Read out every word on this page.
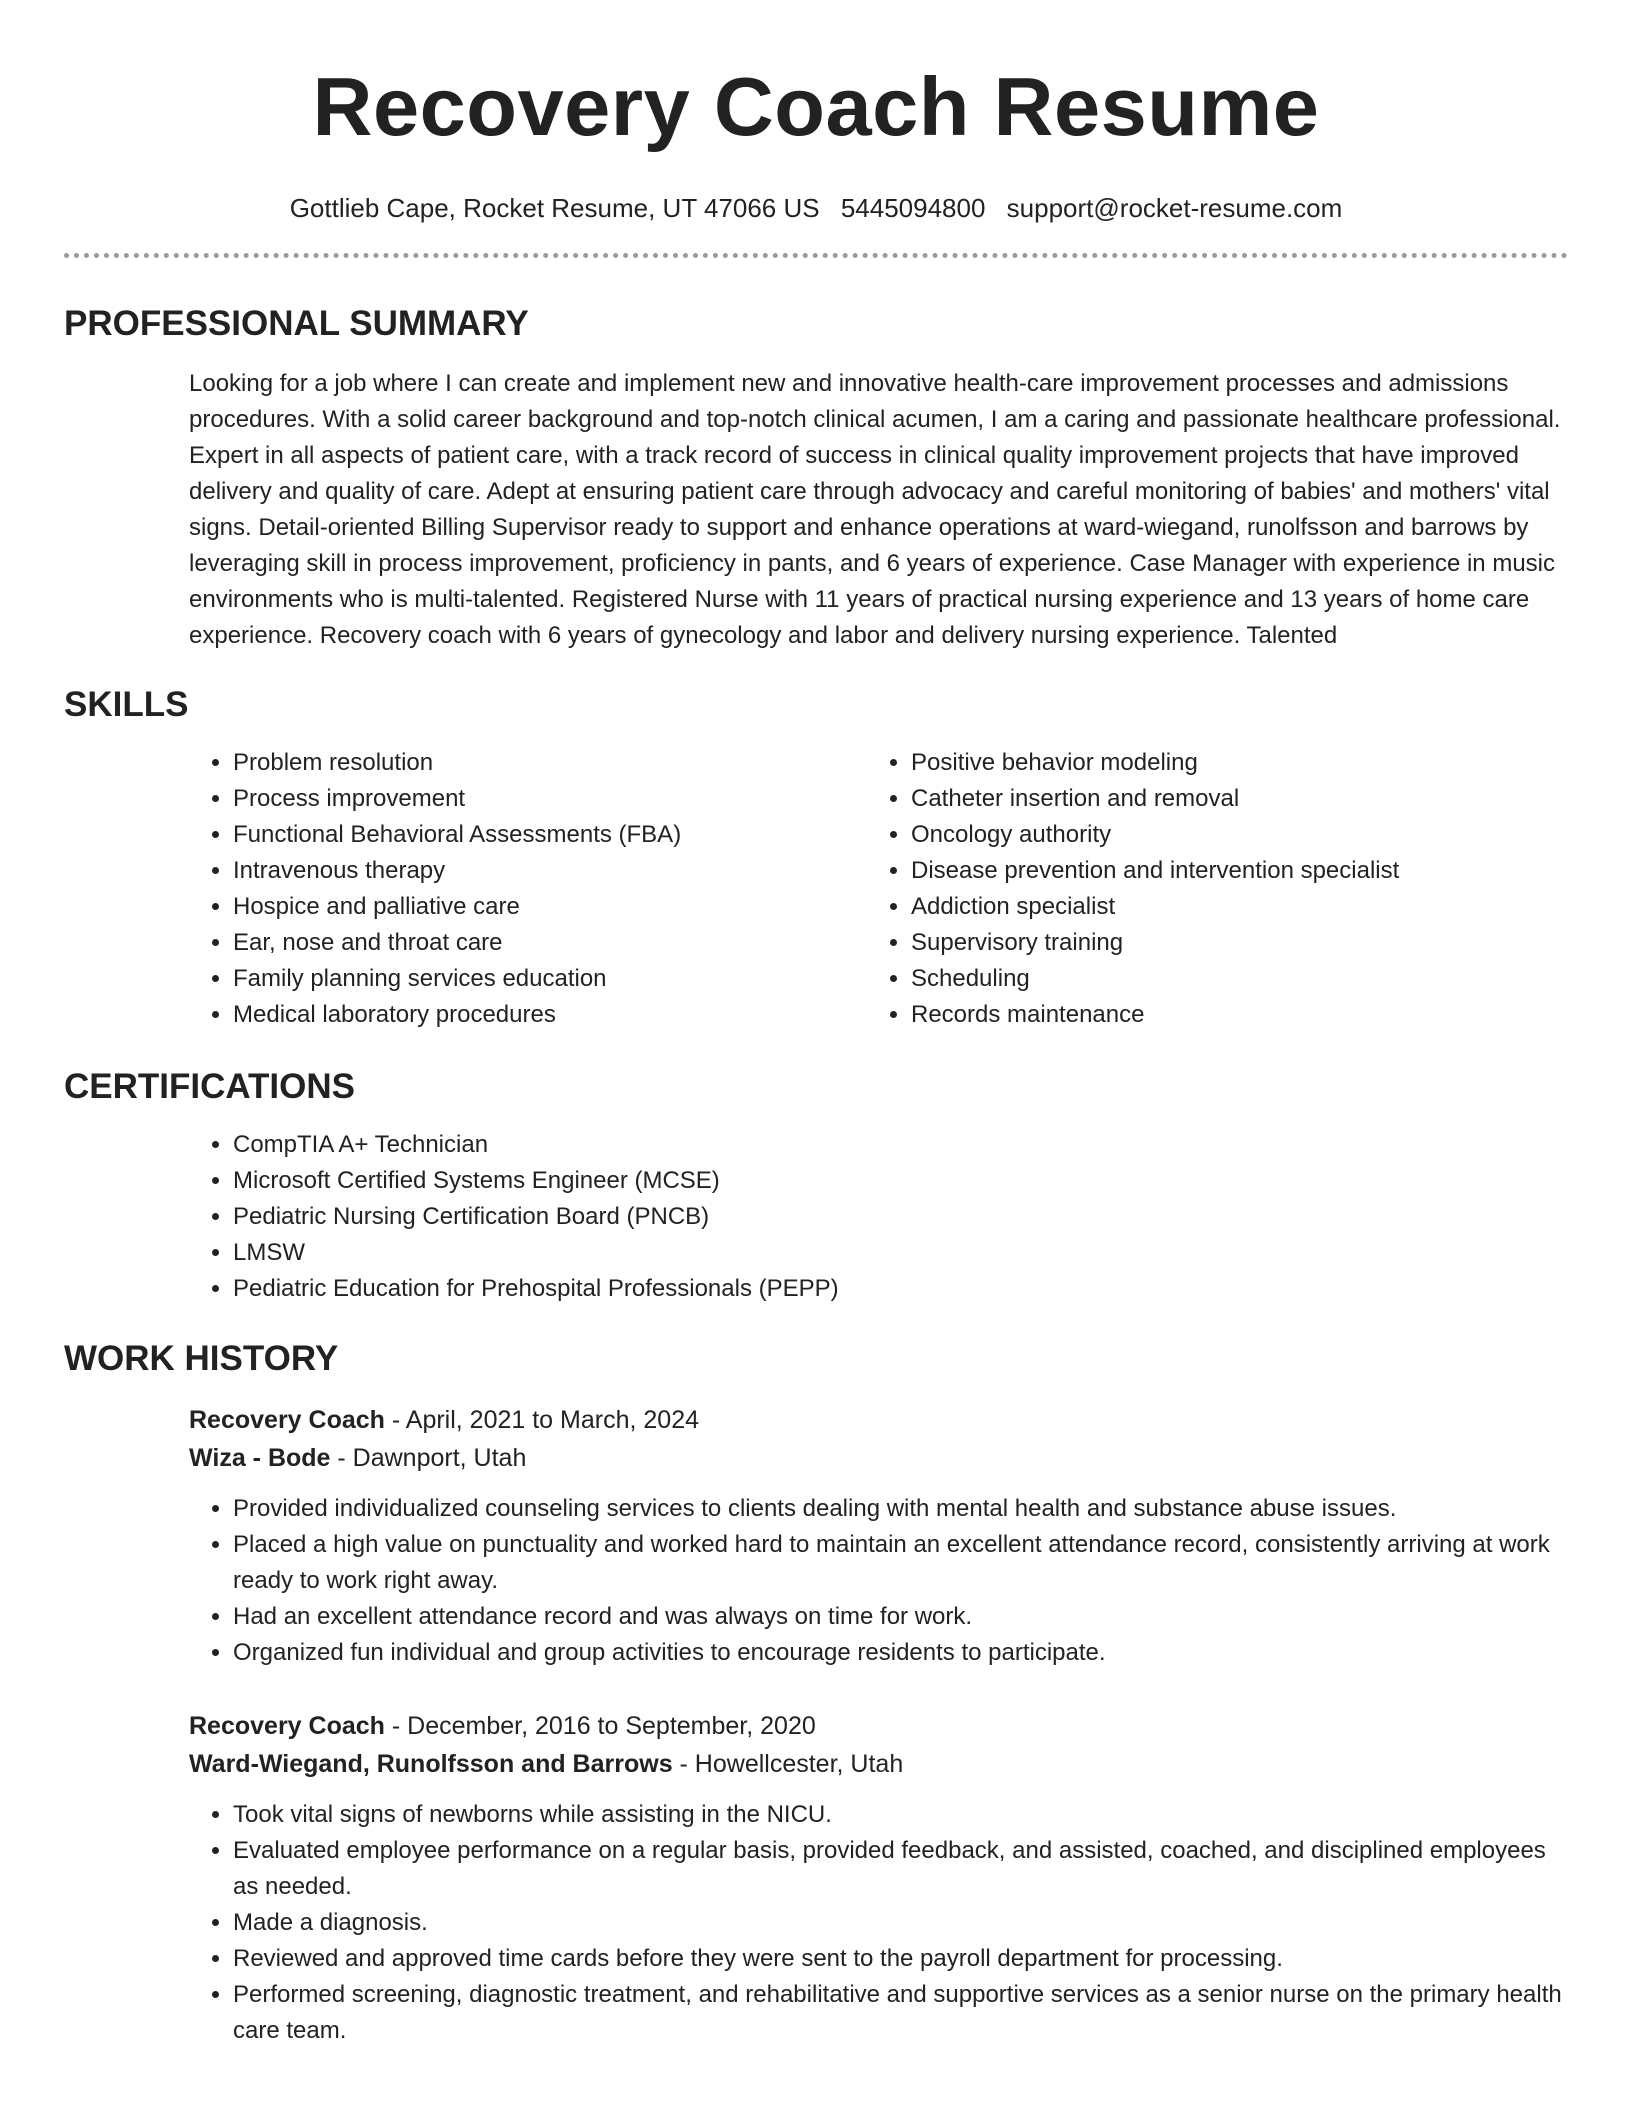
Recovery Coach Resume
Gottlieb Cape, Rocket Resume, UT 47066 US 5445094800 support@rocket-resume.com
PROFESSIONAL SUMMARY

Looking for a job where I can create and implement new and innovative health-care improvement processes and admissions procedures. With a solid career background and top-notch clinical acumen, I am a caring and passionate healthcare professional. Expert in all aspects of patient care, with a track record of success in clinical quality improvement projects that have improved delivery and quality of care. Adept at ensuring patient care through advocacy and careful monitoring of babies' and mothers' vital signs. Detail-oriented Billing Supervisor ready to support and enhance operations at ward-wiegand, runolfsson and barrows by leveraging skill in process improvement, proficiency in pants, and 6 years of experience. Case Manager with experience in music environments who is multi-talented. Registered Nurse with 11 years of practical nursing experience and 13 years of home care experience. Recovery coach with 6 years of gynecology and labor and delivery nursing experience. Talented

SKILLS
• Problem resolution
• Process improvement
• Functional Behavioral Assessments (FBA)
• Intravenous therapy
• Hospice and palliative care
• Ear, nose and throat care
• Family planning services education
• Medical laboratory procedures
• Positive behavior modeling
• Catheter insertion and removal
• Oncology authority
• Disease prevention and intervention specialist
• Addiction specialist
• Supervisory training
• Scheduling
• Records maintenance
CERTIFICATIONS
• CompTIA A+ Technician
• Microsoft Certified Systems Engineer (MCSE)
• Pediatric Nursing Certification Board (PNCB)
• LMSW
• Pediatric Education for Prehospital Professionals (PEPP)
WORK HISTORY
Recovery Coach - April, 2021 to March, 2024
Wiza - Bode - Dawnport, Utah
• Provided individualized counseling services to clients dealing with mental health and substance abuse issues.
• Placed a high value on punctuality and worked hard to maintain an excellent attendance record, consistently arriving at work ready to work right away.
• Had an excellent attendance record and was always on time for work.
• Organized fun individual and group activities to encourage residents to participate.
Recovery Coach - December, 2016 to September, 2020
Ward-Wiegand, Runolfsson and Barrows - Howellcester, Utah
• Took vital signs of newborns while assisting in the NICU.
• Evaluated employee performance on a regular basis, provided feedback, and assisted, coached, and disciplined employees as needed.
• Made a diagnosis.
• Reviewed and approved time cards before they were sent to the payroll department for processing.
• Performed screening, diagnostic treatment, and rehabilitative and supportive services as a senior nurse on the primary health care team.
